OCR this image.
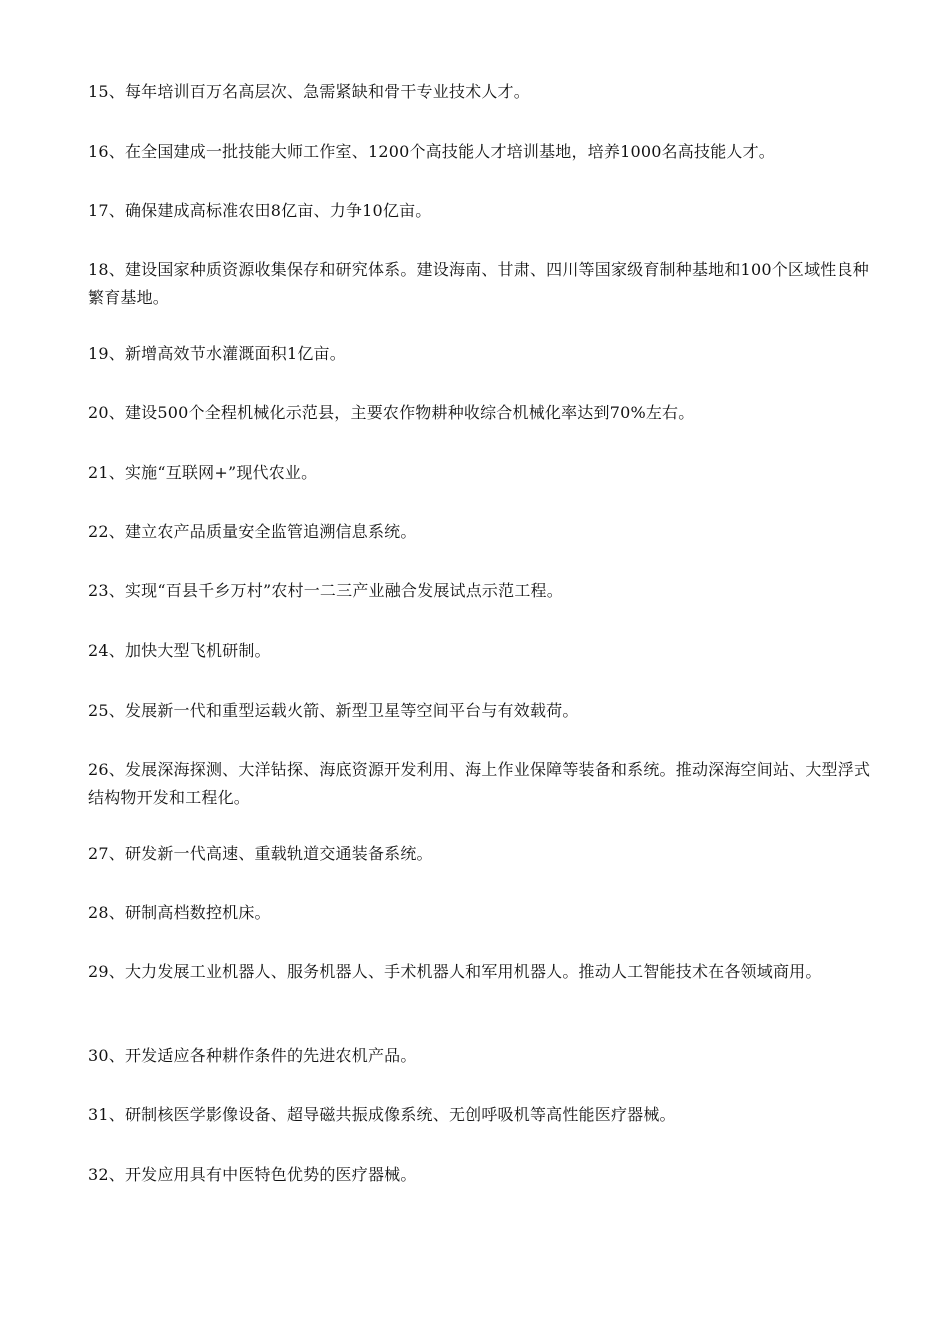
15、每年培训百万名高层次、急需紧缺和骨干专业技术人才。

16、在全国建成一批技能大师工作室、1200个高技能人才培训基地，培养1000名高技能人才。

17、确保建成高标准农田8亿亩、力争10亿亩。

18、建设国家种质资源收集保存和研究体系。建设海南、甘肃、四川等国家级育制种基地和100个区域性良种繁育基地。

19、新增高效节水灌溉面积1亿亩。

20、建设500个全程机械化示范县，主要农作物耕种收综合机械化率达到70%左右。

21、实施“互联网+”现代农业。

22、建立农产品质量安全监管追溯信息系统。

23、实现“百县千乡万村”农村一二三产业融合发展试点示范工程。

24、加快大型飞机研制。

25、发展新一代和重型运载火箭、新型卫星等空间平台与有效载荷。

26、发展深海探测、大洋钻探、海底资源开发利用、海上作业保障等装备和系统。推动深海空间站、大型浮式结构物开发和工程化。

27、研发新一代高速、重载轨道交通装备系统。

28、研制高档数控机床。

29、大力发展工业机器人、服务机器人、手术机器人和军用机器人。推动人工智能技术在各领域商用。

30、开发适应各种耕作条件的先进农机产品。

31、研制核医学影像设备、超导磁共振成像系统、无创呼吸机等高性能医疗器械。

32、开发应用具有中医特色优势的医疗器械。
